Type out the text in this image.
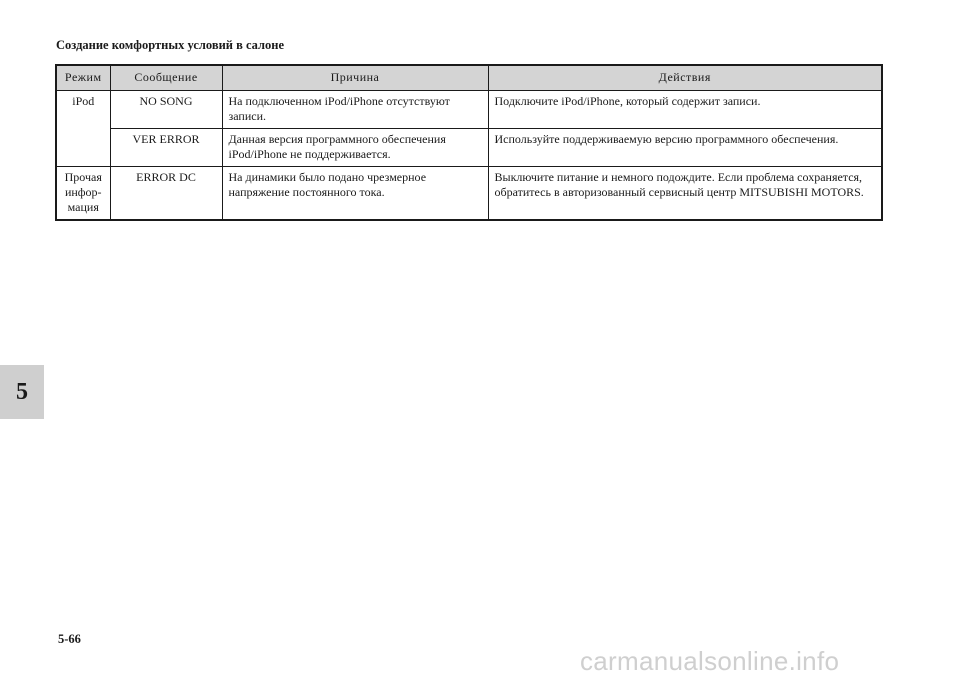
Создание комфортных условий в салоне
Режим	Сообщение	Причина	Действия
iPod	NO SONG	На подключенном iPod/iPhone отсутствуют записи.	Подключите iPod/iPhone, который содержит записи.
	VER ERROR	Данная версия программного обеспечения iPod/iPhone не поддерживается.	Используйте поддерживаемую версию программного обеспечения.
Прочая инфор-мация	ERROR DC	На динамики было подано чрезмерное напряжение постоянного тока.	Выключите питание и немного подождите. Если проблема сохраняется, обратитесь в авторизованный сервисный центр MITSUBISHI MOTORS.
5
5-66
carmanualsonline.info
